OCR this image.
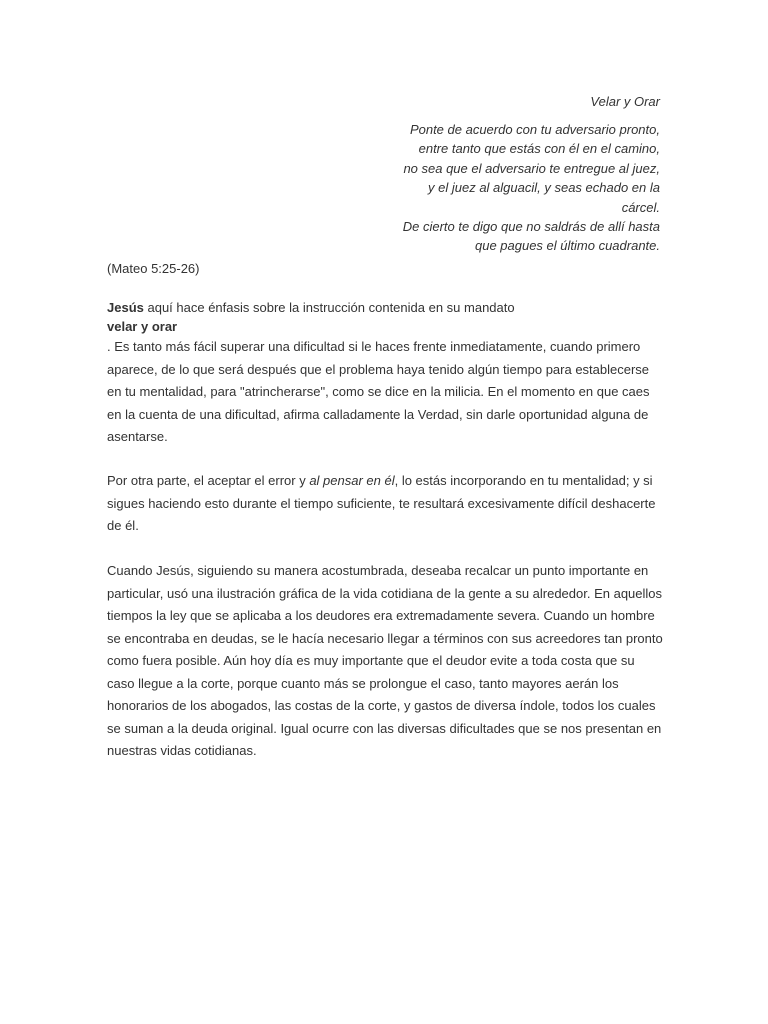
Velar y Orar
Ponte de acuerdo con tu adversario pronto,
entre tanto que estás con él en el camino,
no sea que el adversario te entregue al juez,
y el juez al alguacil, y seas echado en la
cárcel.
De cierto te digo que no saldrás de allí hasta
que pagues el último cuadrante.
(Mateo 5:25-26)
Jesús aquí hace énfasis sobre la instrucción contenida en su mandato
velar y orar

. Es tanto más fácil superar una dificultad si le haces frente inmediatamente, cuando primero aparece, de lo que será después que el problema haya tenido algún tiempo para establecerse en tu mentalidad, para "atrincherarse", como se dice en la milicia. En el momento en que caes en la cuenta de una dificultad, afirma calladamente la Verdad, sin darle oportunidad alguna de asentarse.

Por otra parte, el aceptar el error y al pensar en él, lo estás incorporando en tu mentalidad; y si sigues haciendo esto durante el tiempo suficiente, te resultará excesivamente difícil deshacerte de él.

Cuando Jesús, siguiendo su manera acostumbrada, deseaba recalcar un punto importante en particular, usó una ilustración gráfica de la vida cotidiana de la gente a su alrededor. En aquellos tiempos la ley que se aplicaba a los deudores era extremadamente severa. Cuando un hombre se encontraba en deudas, se le hacía necesario llegar a términos con sus acreedores tan pronto como fuera posible. Aún hoy día es muy importante que el deudor evite a toda costa que su caso llegue a la corte, porque cuanto más se prolongue el caso, tanto mayores aerán los honorarios de los abogados, las costas de la corte, y gastos de diversa índole, todos los cuales se suman a la deuda original. Igual ocurre con las diversas dificultades que se nos presentan en nuestras vidas cotidianas.
